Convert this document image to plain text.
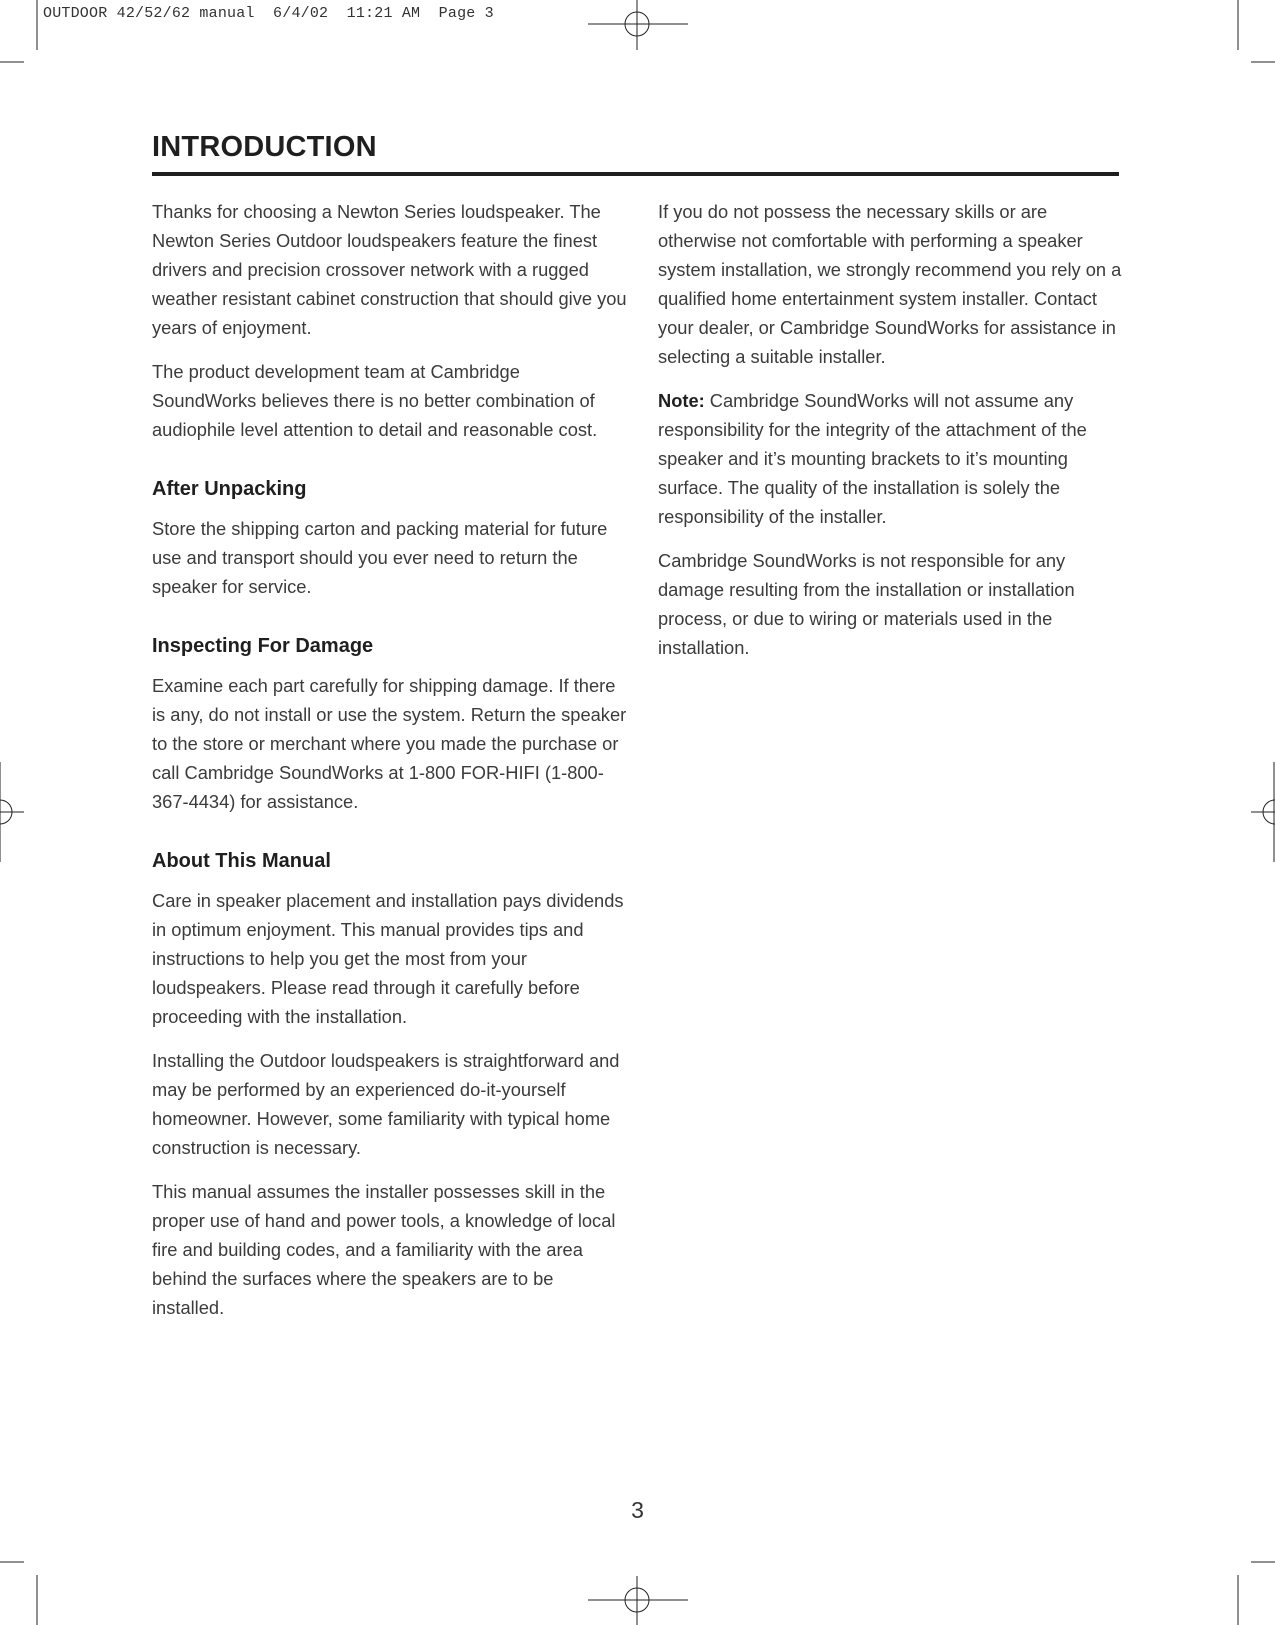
OUTDOOR 42/52/62 manual  6/4/02  11:21 AM  Page 3
INTRODUCTION

Thanks for choosing a Newton Series loudspeaker. The Newton Series Outdoor loudspeakers feature the finest drivers and precision crossover network with a rugged weather resistant cabinet construction that should give you years of enjoyment.

The product development team at Cambridge SoundWorks believes there is no better combination of audiophile level attention to detail and reasonable cost.

After Unpacking

Store the shipping carton and packing material for future use and transport should you ever need to return the speaker for service.

Inspecting For Damage

Examine each part carefully for shipping damage. If there is any, do not install or use the system. Return the speaker to the store or merchant where you made the purchase or call Cambridge SoundWorks at 1-800 FOR-HIFI (1-800-367-4434) for assistance.

About This Manual

Care in speaker placement and installation pays dividends in optimum enjoyment. This manual provides tips and instructions to help you get the most from your loudspeakers. Please read through it carefully before proceeding with the installation.

Installing the Outdoor loudspeakers is straightforward and may be performed by an experienced do-it-yourself homeowner. However, some familiarity with typical home construction is necessary.

This manual assumes the installer possesses skill in the proper use of hand and power tools, a knowledge of local fire and building codes, and a familiarity with the area behind the surfaces where the speakers are to be installed.

If you do not possess the necessary skills or are otherwise not comfortable with performing a speaker system installation, we strongly recommend you rely on a qualified home entertainment system installer. Contact your dealer, or Cambridge SoundWorks for assistance in selecting a suitable installer.

Note: Cambridge SoundWorks will not assume any responsibility for the integrity of the attachment of the speaker and it’s mounting brackets to it’s mounting surface. The quality of the installation is solely the responsibility of the installer.

Cambridge SoundWorks is not responsible for any damage resulting from the installation or installation process, or due to wiring or materials used in the installation.

3
